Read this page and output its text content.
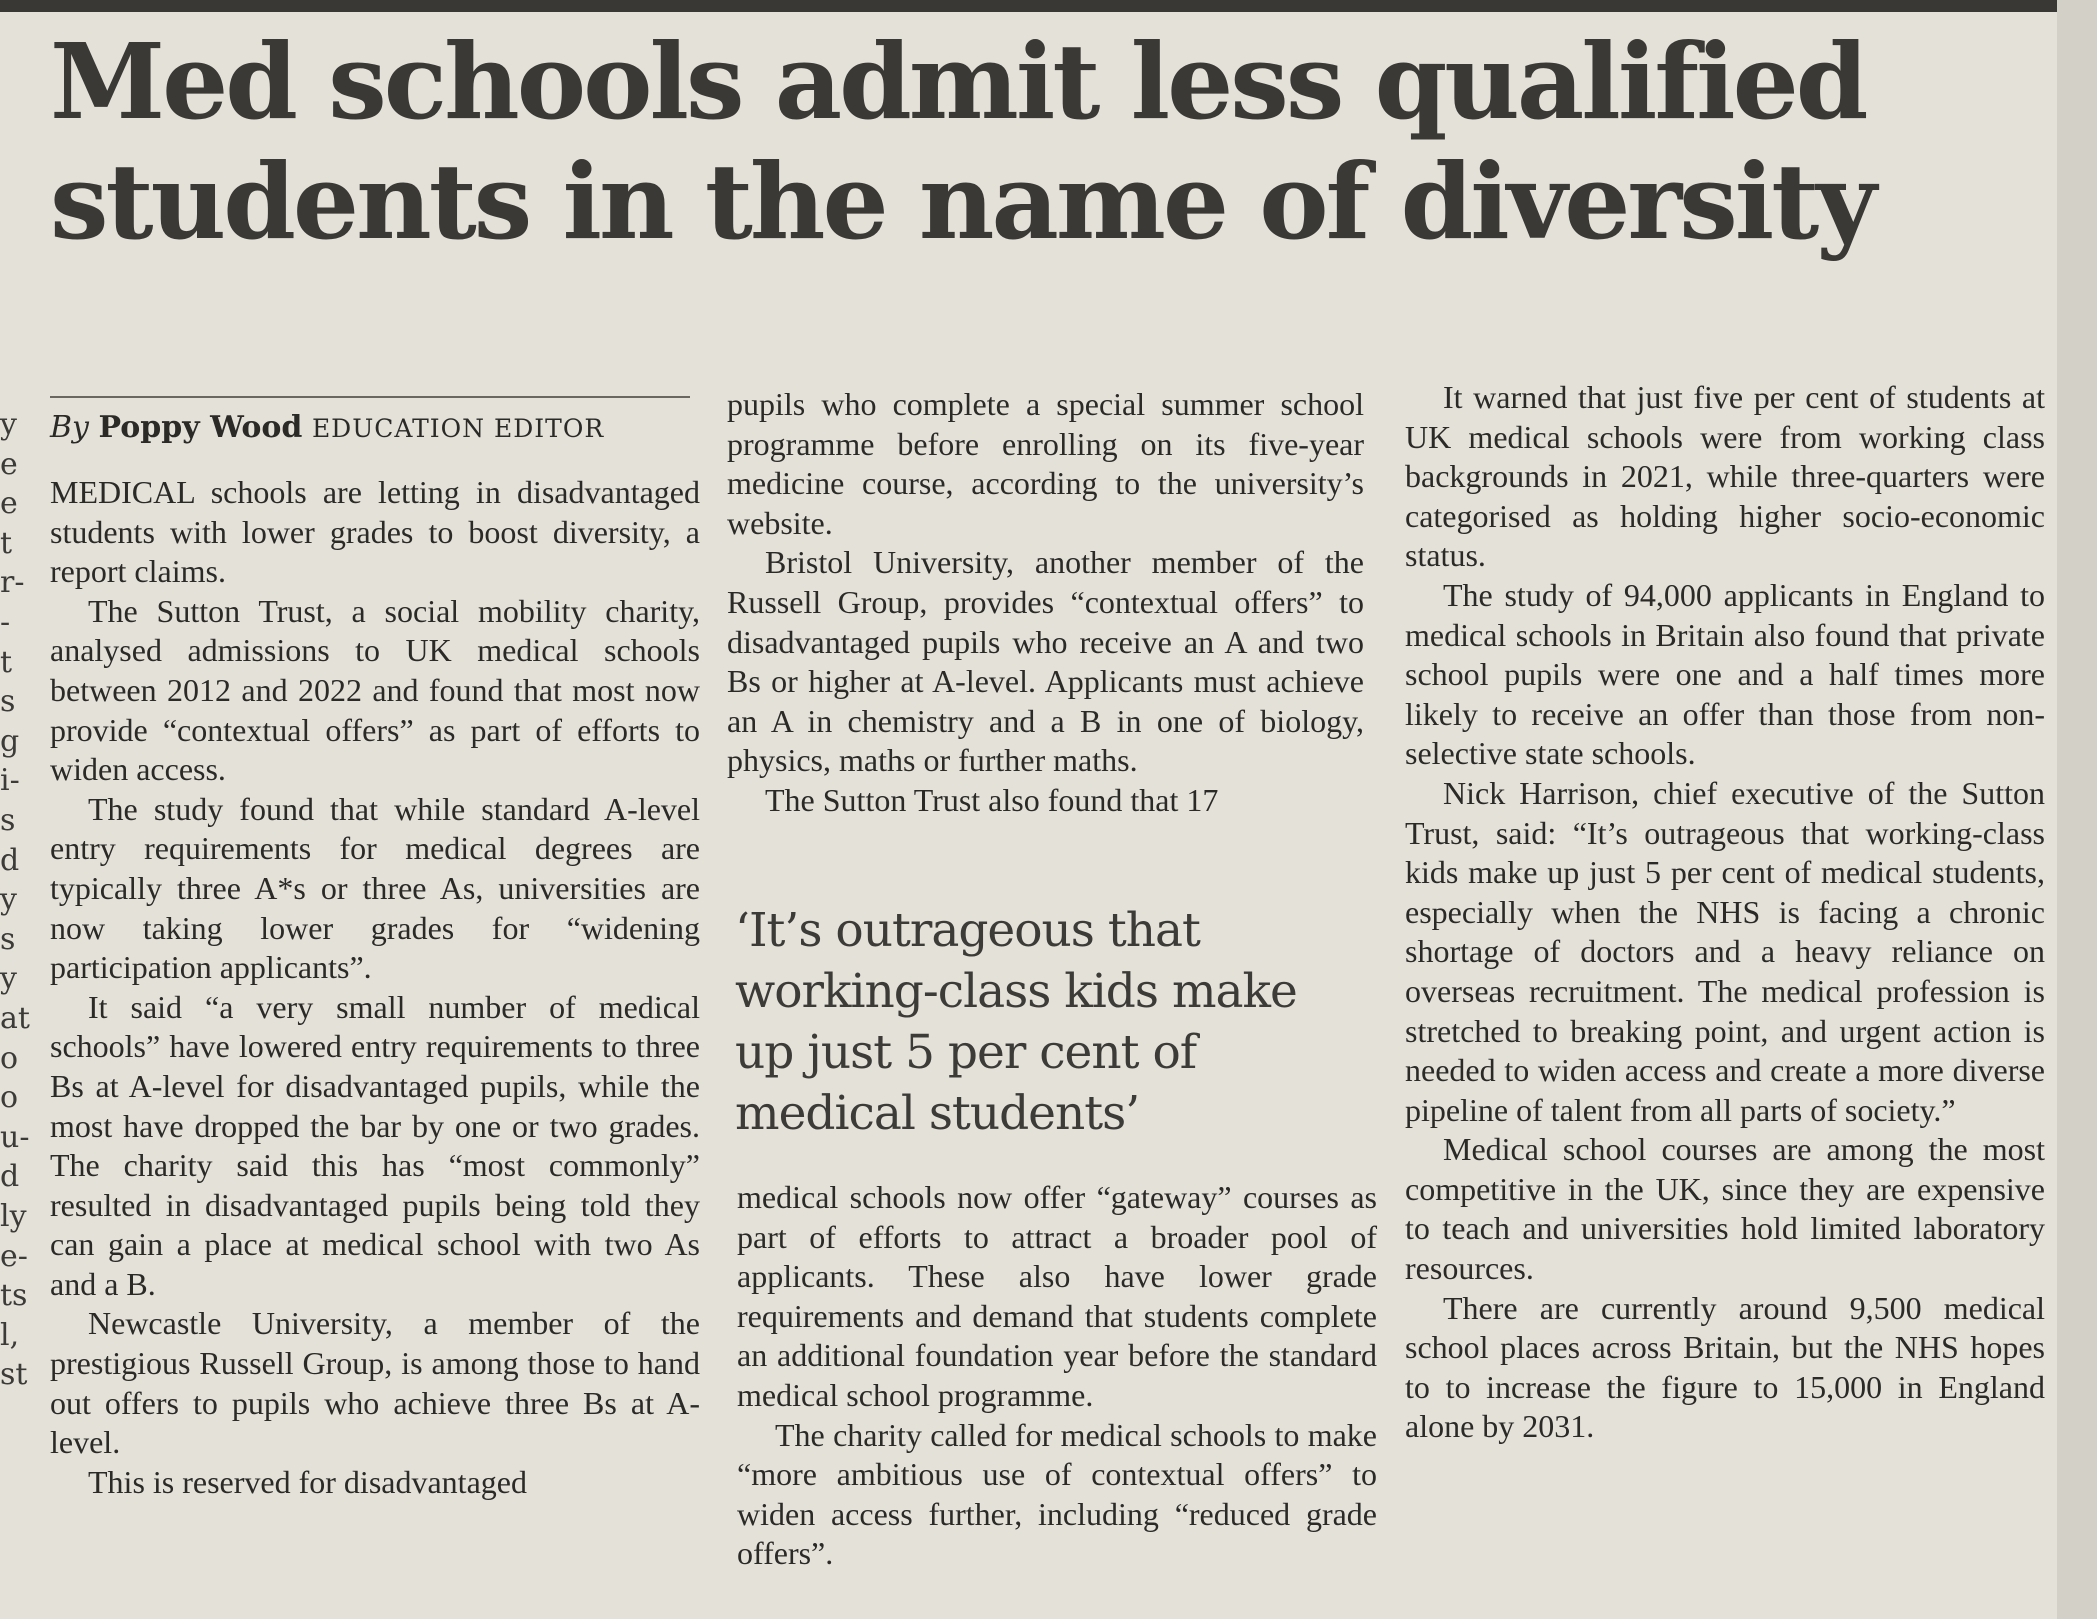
y
e
e
t
r-
-
t
s
g
i-
s
d
y
s
y
at
o
o
u-
d
ly
e-
ts
l,
st
Med schools admit less qualified
students in the name of diversity
By Poppy Wood EDUCATION EDITOR

MEDICAL schools are letting in disadvantaged students with lower grades to boost diversity, a report claims.

The Sutton Trust, a social mobility charity, analysed admissions to UK medical schools between 2012 and 2022 and found that most now provide “contextual offers” as part of efforts to widen access.

The study found that while standard A-level entry requirements for medical degrees are typically three A*s or three As, universities are now taking lower grades for “widening participation applicants”.

It said “a very small number of medical schools” have lowered entry requirements to three Bs at A-level for disadvantaged pupils, while the most have dropped the bar by one or two grades. The charity said this has “most commonly” resulted in disadvantaged pupils being told they can gain a place at medical school with two As and a B.

Newcastle University, a member of the prestigious Russell Group, is among those to hand out offers to pupils who achieve three Bs at A-level.

This is reserved for disadvantaged

pupils who complete a special summer school programme before enrolling on its five-year medicine course, according to the university’s website.

Bristol University, another member of the Russell Group, provides “contextual offers” to disadvantaged pupils who receive an A and two Bs or higher at A-level. Applicants must achieve an A in chemistry and a B in one of biology, physics, maths or further maths.

The Sutton Trust also found that 17

‘It’s outrageous that working-class kids make up just 5 per cent of medical students’

medical schools now offer “gateway” courses as part of efforts to attract a broader pool of applicants. These also have lower grade requirements and demand that students complete an additional foundation year before the standard medical school programme.

The charity called for medical schools to make “more ambitious use of contextual offers” to widen access further, including “reduced grade offers”.

It warned that just five per cent of students at UK medical schools were from working class backgrounds in 2021, while three-quarters were categorised as holding higher socio-economic status.

The study of 94,000 applicants in England to medical schools in Britain also found that private school pupils were one and a half times more likely to receive an offer than those from non-selective state schools.

Nick Harrison, chief executive of the Sutton Trust, said: “It’s outrageous that working-class kids make up just 5 per cent of medical students, especially when the NHS is facing a chronic shortage of doctors and a heavy reliance on overseas recruitment. The medical profession is stretched to breaking point, and urgent action is needed to widen access and create a more diverse pipeline of talent from all parts of society.”

Medical school courses are among the most competitive in the UK, since they are expensive to teach and universities hold limited laboratory resources.

There are currently around 9,500 medical school places across Britain, but the NHS hopes to to increase the figure to 15,000 in England alone by 2031.
